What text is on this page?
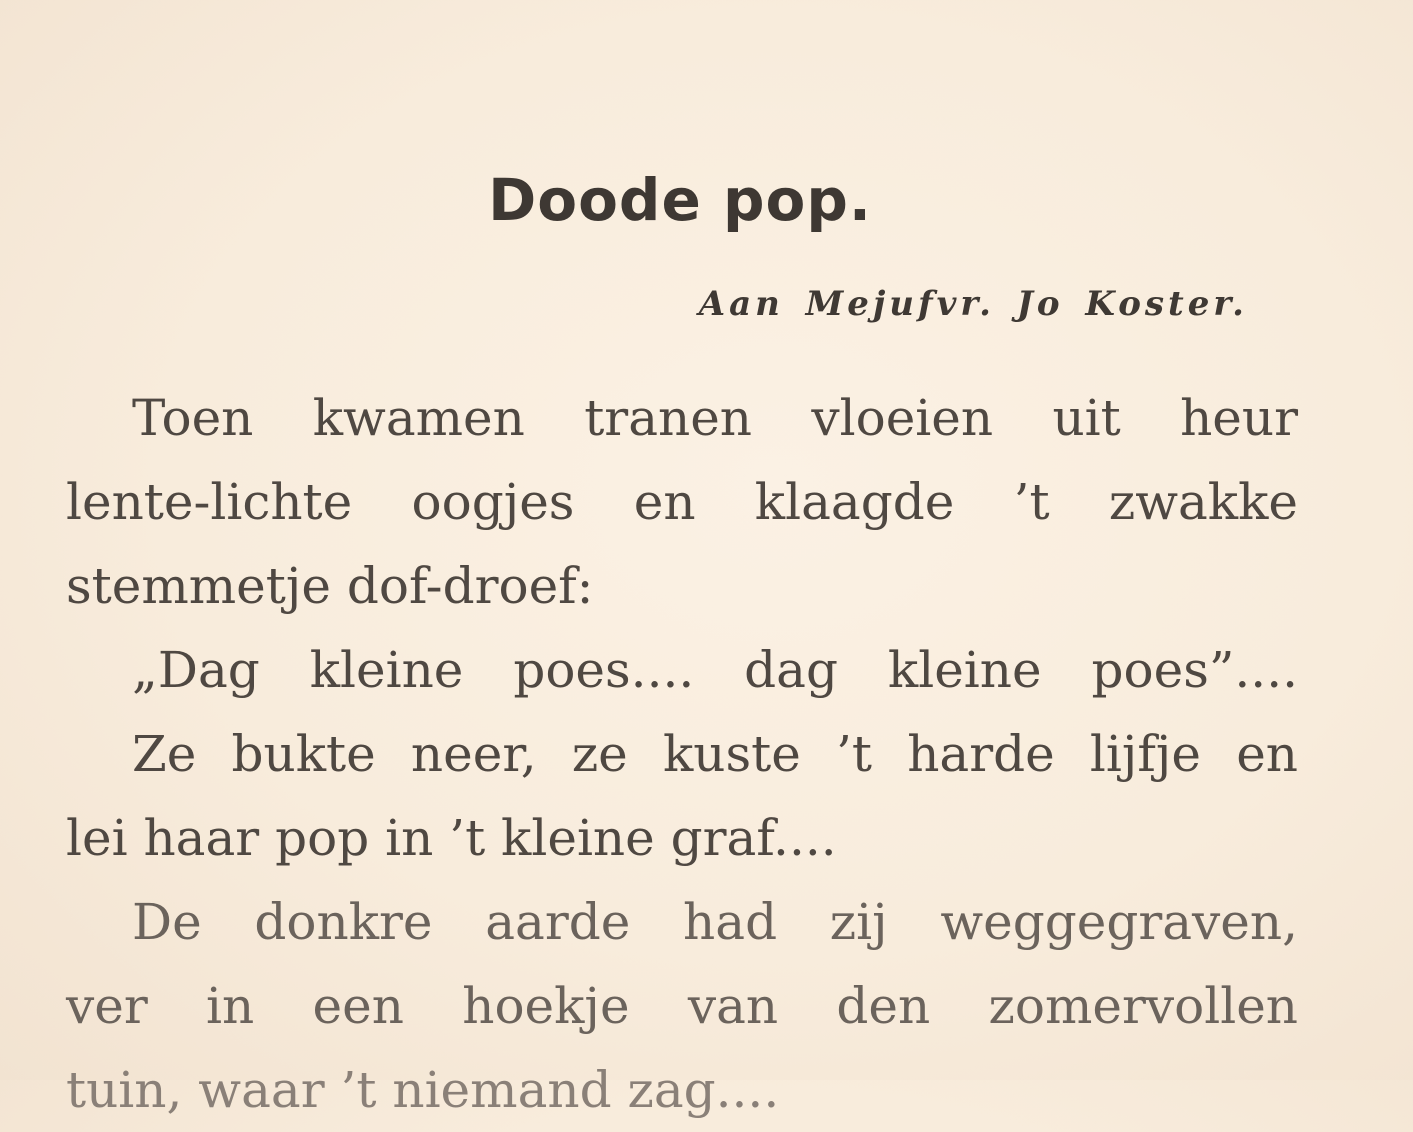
Doode pop.

Aan Mejufvr. Jo Koster.

Toen kwamen tranen vloeien uit heur
lente-lichte oogjes en klaagde ’t zwakke
stemmetje dof-droef:
„Dag kleine poes.... dag kleine poes”....
Ze bukte neer, ze kuste ’t harde lijfje en
lei haar pop in ’t kleine graf....
De donkre aarde had zij weggegraven,
ver in een hoekje van den zomervollen
tuin, waar ’t niemand zag....
